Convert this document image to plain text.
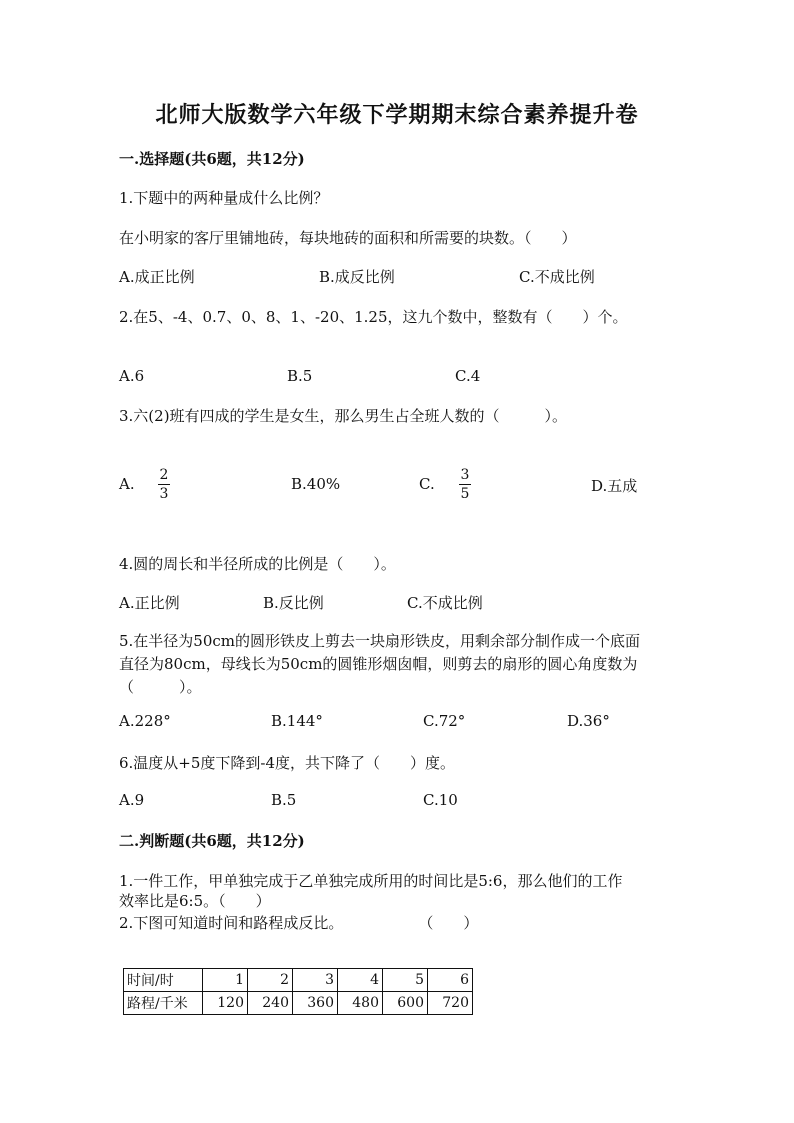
北师大版数学六年级下学期期末综合素养提升卷
一.选择题(共6题，共12分)
1.下题中的两种量成什么比例？
在小明家的客厅里铺地砖，每块地砖的面积和所需要的块数。（　　）
A.成正比例	B.成反比例	C.不成比例
2.在5、-4、0.7、0、8、1、-20、1.25，这九个数中，整数有（　　）个。
A.6	B.5	C.4
3.六(2)班有四成的学生是女生，那么男生占全班人数的（　　　）。
A. $\frac{2}{3}$	B.40%	C. $\frac{3}{5}$	D.五成
4.圆的周长和半径所成的比例是（　　）。
A.正比例	B.反比例	C.不成比例
5.在半径为50cm的圆形铁皮上剪去一块扇形铁皮，用剩余部分制作成一个底面
直径为80cm，母线长为50cm的圆锥形烟囱帽，则剪去的扇形的圆心角度数为
（　　　）。
A.228°	B.144°	C.72°	D.36°
6.温度从+5度下降到-4度，共下降了（　　）度。
A.9	B.5	C.10
二.判断题(共6题，共12分)
1.一件工作，甲单独完成于乙单独完成所用的时间比是5:6，那么他们的工作
效率比是6:5。（　　）
2.下图可知道时间和路程成反比。　　　　　　（　　）
时间/时	1	2	3	4	5	6
路程/千米	120	240	360	480	600	720
